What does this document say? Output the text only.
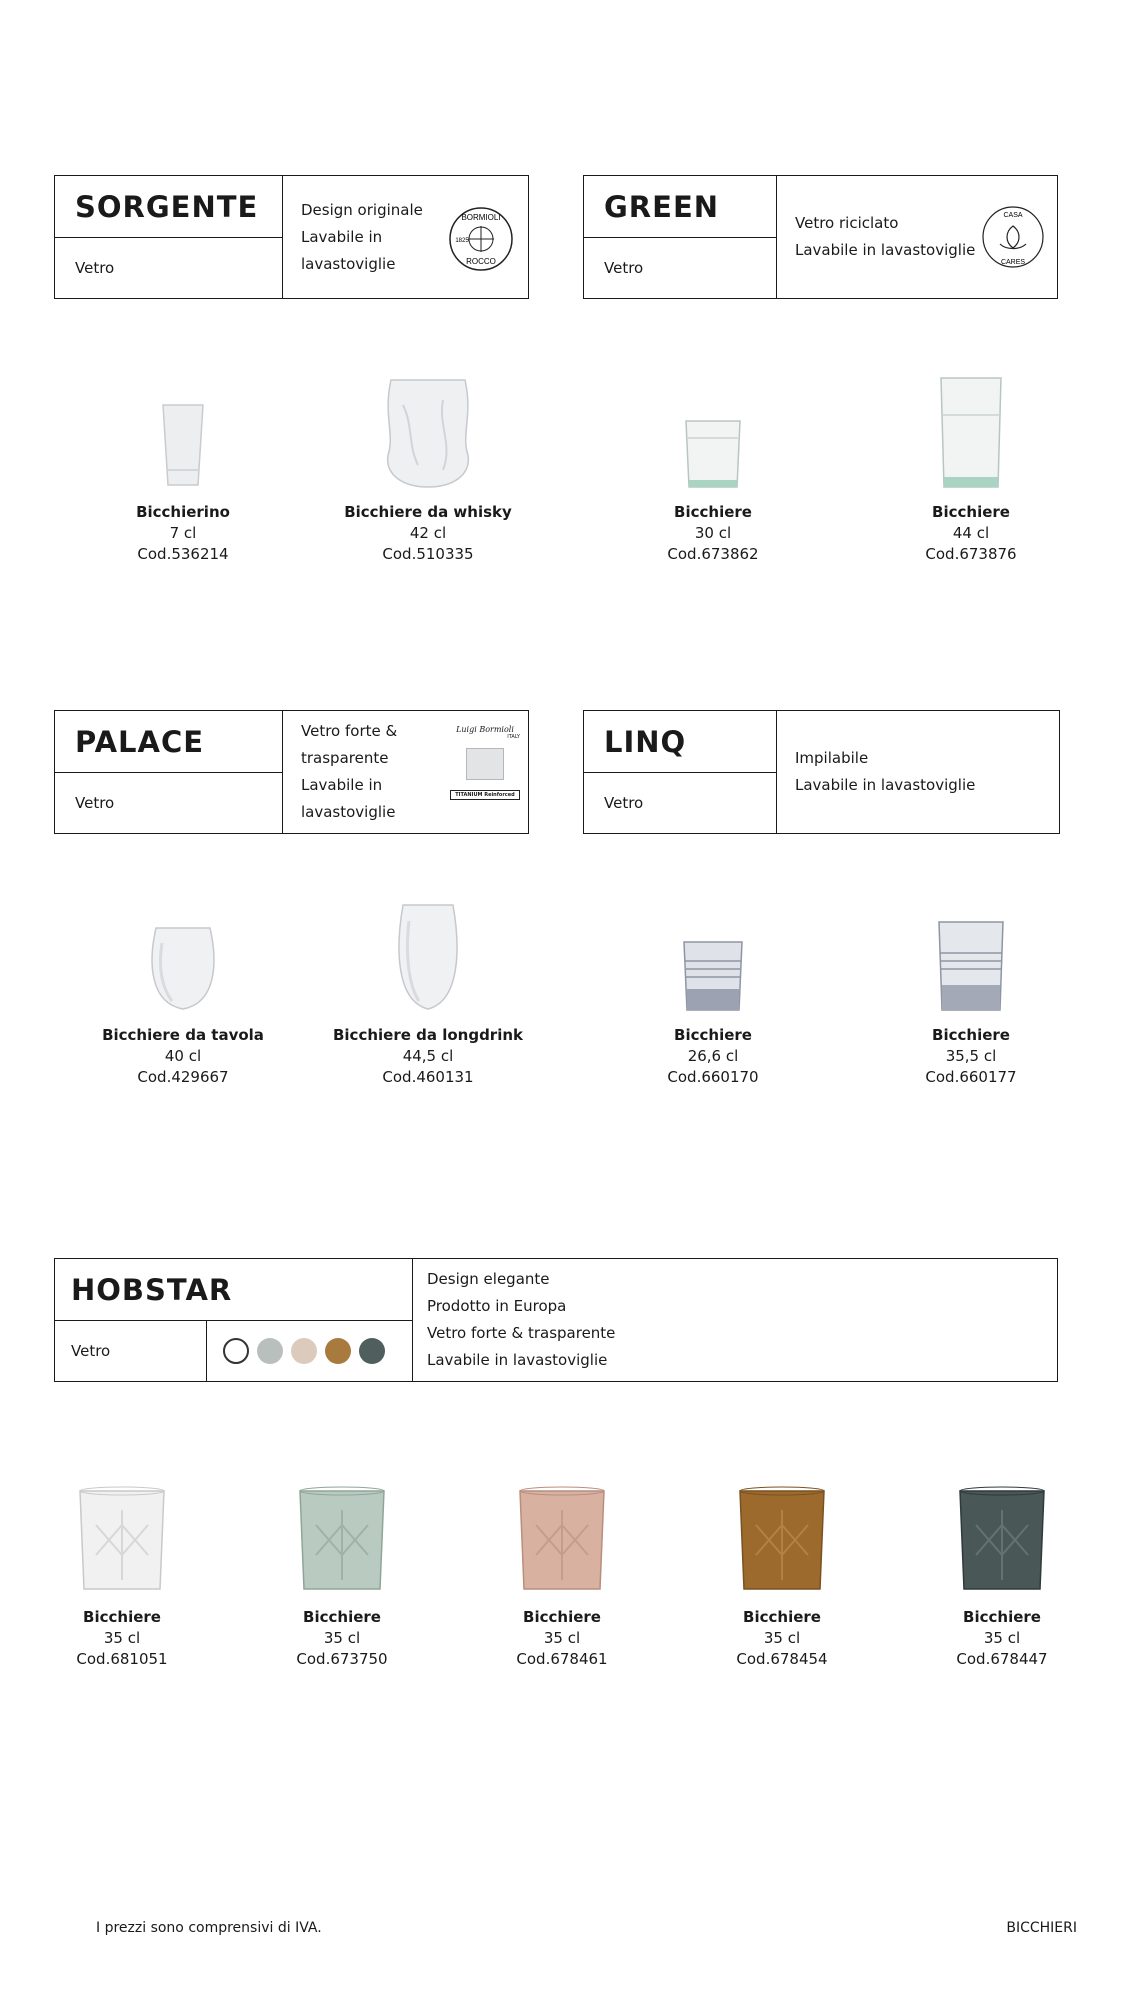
SORGENTE
Vetro
Design originale
Lavabile in
lavastoviglie
BORMIOLI
1825
ROCCO
GREEN
Vetro
Vetro riciclato
Lavabile in lavastoviglie
CASA
CARES
Bicchierino
7 cl
Cod.536214
Bicchiere da whisky
42 cl
Cod.510335
Bicchiere
30 cl
Cod.673862
Bicchiere
44 cl
Cod.673876
PALACE
Vetro
Vetro forte &
trasparente
Lavabile in
lavastoviglie
Luigi Bormioli
ITALY
TITANIUM Reinforced
LINQ
Vetro
Impilabile
Lavabile in lavastoviglie
Bicchiere da tavola
40 cl
Cod.429667
Bicchiere da longdrink
44,5 cl
Cod.460131
Bicchiere
26,6 cl
Cod.660170
Bicchiere
35,5 cl
Cod.660177
HOBSTAR
Vetro
Design elegante
Prodotto in Europa
Vetro forte & trasparente
Lavabile in lavastoviglie
Bicchiere
35 cl
Cod.681051
Bicchiere
35 cl
Cod.673750
Bicchiere
35 cl
Cod.678461
Bicchiere
35 cl
Cod.678454
Bicchiere
35 cl
Cod.678447
I prezzi sono comprensivi di IVA.	BICCHIERI
